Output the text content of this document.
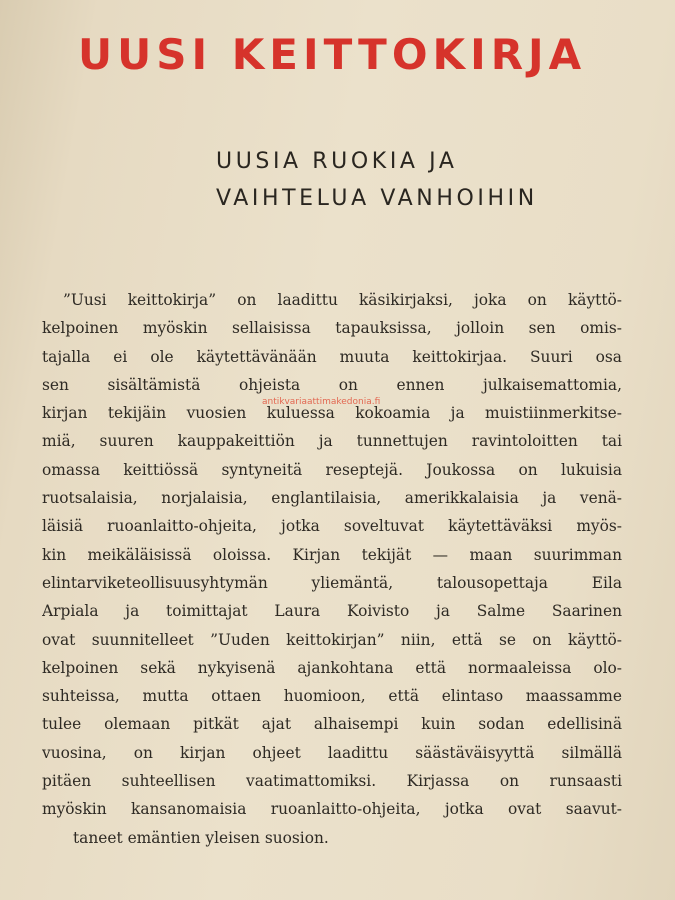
UUSI KEITTOKIRJA
UUSIA RUOKIA JA
VAIHTELUA VANHOIHIN
”Uusi keittokirja” on laadittu käsikirjaksi, joka on käyttö-
kelpoinen myöskin sellaisissa tapauksissa, jolloin sen omis-
tajalla ei ole käytettävänään muuta keittokirjaa. Suuri osa
sen sisältämistä ohjeista on ennen julkaisemattomia,
kirjan tekijäin vuosien kuluessa kokoamia ja muistiinmerkitse-
miä, suuren kauppakeittiön ja tunnettujen ravintoloitten tai
omassa keittiössä syntyneitä reseptejä. Joukossa on lukuisia
ruotsalaisia, norjalaisia, englantilaisia, amerikkalaisia ja venä-
läisiä ruoanlaitto-ohjeita, jotka soveltuvat käytettäväksi myös-
kin meikäläisissä oloissa. Kirjan tekijät — maan suurimman
elintarviketeollisuusyhtymän yliemäntä, talousopettaja Eila
Arpiala ja toimittajat Laura Koivisto ja Salme Saarinen
ovat suunnitelleet ”Uuden keittokirjan” niin, että se on käyttö-
kelpoinen sekä nykyisenä ajankohtana että normaaleissa olo-
suhteissa, mutta ottaen huomioon, että elintaso maassamme
tulee olemaan pitkät ajat alhaisempi kuin sodan edellisinä
vuosina, on kirjan ohjeet laadittu säästäväisyyttä silmällä
pitäen suhteellisen vaatimattomiksi. Kirjassa on runsaasti
myöskin kansanomaisia ruoanlaitto-ohjeita, jotka ovat saavut-
taneet emäntien yleisen suosion.
antikvariaattimakedonia.fi
